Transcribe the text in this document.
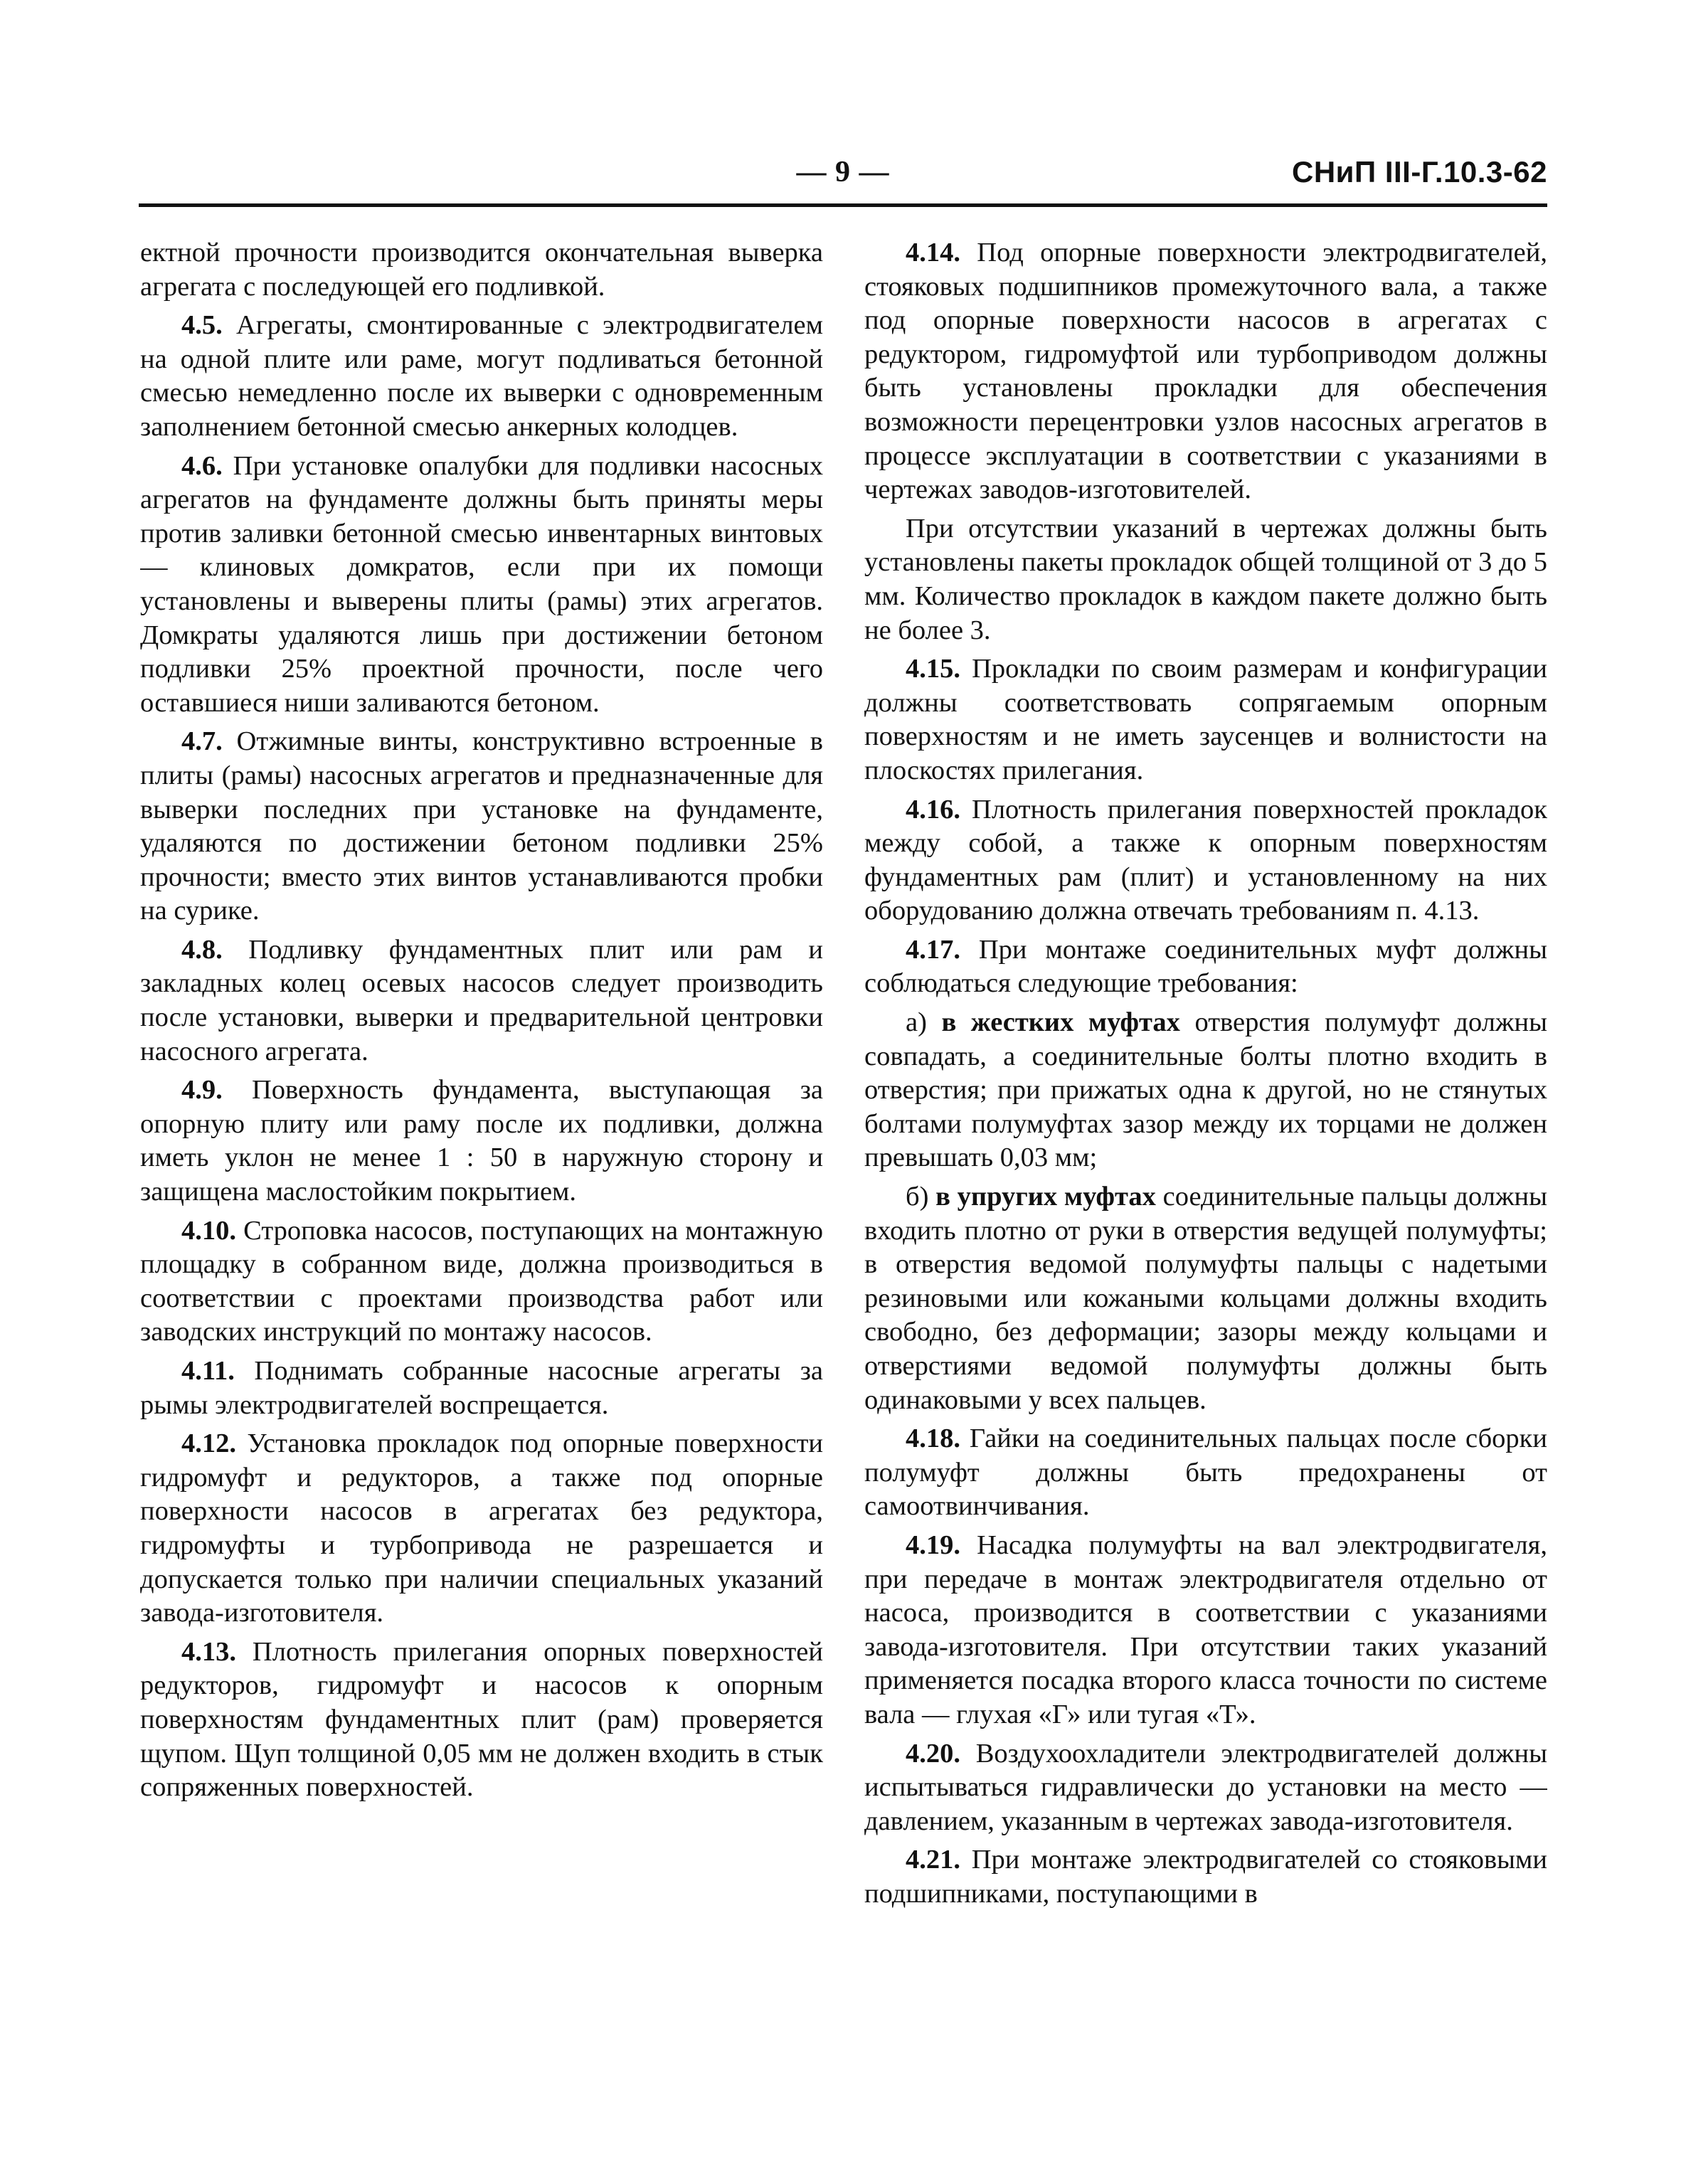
— 9 —	СНиП III-Г.10.3-62

ектной прочности производится окончательная выверка агрегата с последующей его подливкой.

4.5. Агрегаты, смонтированные с электродвигателем на одной плите или раме, могут подливаться бетонной смесью немедленно после их выверки с одновременным заполнением бетонной смесью анкерных колодцев.

4.6. При установке опалубки для подливки насосных агрегатов на фундаменте должны быть приняты меры против заливки бетонной смесью инвентарных винтовых — клиновых домкратов, если при их помощи установлены и выверены плиты (рамы) этих агрегатов. Домкраты удаляются лишь при достижении бетоном подливки 25% проектной прочности, после чего оставшиеся ниши заливаются бетоном.

4.7. Отжимные винты, конструктивно встроенные в плиты (рамы) насосных агрегатов и предназначенные для выверки последних при установке на фундаменте, удаляются по достижении бетоном подливки 25% прочности; вместо этих винтов устанавливаются пробки на сурике.

4.8. Подливку фундаментных плит или рам и закладных колец осевых насосов следует производить после установки, выверки и предварительной центровки насосного агрегата.

4.9. Поверхность фундамента, выступающая за опорную плиту или раму после их подливки, должна иметь уклон не менее 1 : 50 в наружную сторону и защищена маслостойким покрытием.

4.10. Строповка насосов, поступающих на монтажную площадку в собранном виде, должна производиться в соответствии с проектами производства работ или заводских инструкций по монтажу насосов.

4.11. Поднимать собранные насосные агрегаты за рымы электродвигателей воспрещается.

4.12. Установка прокладок под опорные поверхности гидромуфт и редукторов, а также под опорные поверхности насосов в агрегатах без редуктора, гидромуфты и турбопривода не разрешается и допускается только при наличии специальных указаний завода-изготовителя.

4.13. Плотность прилегания опорных поверхностей редукторов, гидромуфт и насосов к опорным поверхностям фундаментных плит (рам) проверяется щупом. Щуп толщиной 0,05 мм не должен входить в стык сопряженных поверхностей.

4.14. Под опорные поверхности электродвигателей, стояковых подшипников промежуточного вала, а также под опорные поверхности насосов в агрегатах с редуктором, гидромуфтой или турбоприводом должны быть установлены прокладки для обеспечения возможности перецентровки узлов насосных агрегатов в процессе эксплуатации в соответствии с указаниями в чертежах заводов-изготовителей.

При отсутствии указаний в чертежах должны быть установлены пакеты прокладок общей толщиной от 3 до 5 мм. Количество прокладок в каждом пакете должно быть не более 3.

4.15. Прокладки по своим размерам и конфигурации должны соответствовать сопрягаемым опорным поверхностям и не иметь заусенцев и волнистости на плоскостях прилегания.

4.16. Плотность прилегания поверхностей прокладок между собой, а также к опорным поверхностям фундаментных рам (плит) и установленному на них оборудованию должна отвечать требованиям п. 4.13.

4.17. При монтаже соединительных муфт должны соблюдаться следующие требования:

а) в жестких муфтах отверстия полумуфт должны совпадать, а соединительные болты плотно входить в отверстия; при прижатых одна к другой, но не стянутых болтами полумуфтах зазор между их торцами не должен превышать 0,03 мм;

б) в упругих муфтах соединительные пальцы должны входить плотно от руки в отверстия ведущей полумуфты; в отверстия ведомой полумуфты пальцы с надетыми резиновыми или кожаными кольцами должны входить свободно, без деформации; зазоры между кольцами и отверстиями ведомой полумуфты должны быть одинаковыми у всех пальцев.

4.18. Гайки на соединительных пальцах после сборки полумуфт должны быть предохранены от самоотвинчивания.

4.19. Насадка полумуфты на вал электродвигателя, при передаче в монтаж электродвигателя отдельно от насоса, производится в соответствии с указаниями завода-изготовителя. При отсутствии таких указаний применяется посадка второго класса точности по системе вала — глухая «Г» или тугая «Т».

4.20. Воздухоохладители электродвигателей должны испытываться гидравлически до установки на место — давлением, указанным в чертежах завода-изготовителя.

4.21. При монтаже электродвигателей со стояковыми подшипниками, поступающими в
